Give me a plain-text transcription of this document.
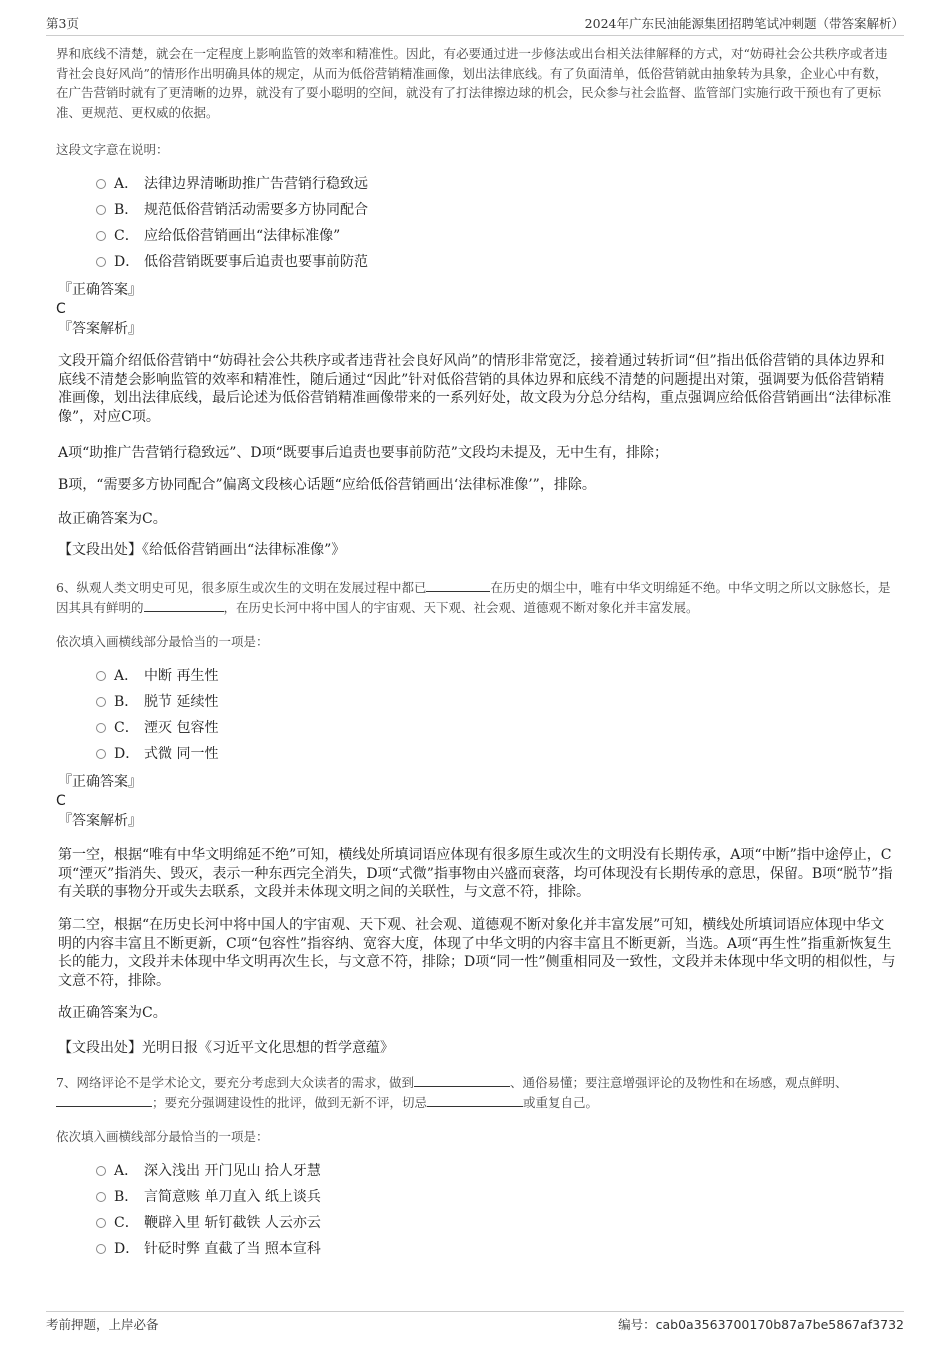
第3页	2024年广东民油能源集团招聘笔试冲刺题（带答案解析）
界和底线不清楚，就会在一定程度上影响监管的效率和精准性。因此，有必要通过进一步修法或出台相关法律解释的方式，对“妨碍社会公共秩序或者违背社会良好风尚”的情形作出明确具体的规定，从而为低俗营销精准画像，划出法律底线。有了负面清单，低俗营销就由抽象转为具象，企业心中有数，在广告营销时就有了更清晰的边界，就没有了耍小聪明的空间，就没有了打法律擦边球的机会，民众参与社会监督、监管部门实施行政干预也有了更标准、更规范、更权威的依据。
这段文字意在说明：
A． 法律边界清晰助推广告营销行稳致远
B． 规范低俗营销活动需要多方协同配合
C． 应给低俗营销画出“法律标准像”
D． 低俗营销既要事后追责也要事前防范
『正确答案』
C
『答案解析』
文段开篇介绍低俗营销中“妨碍社会公共秩序或者违背社会良好风尚”的情形非常宽泛，接着通过转折词“但”指出低俗营销的具体边界和底线不清楚会影响监管的效率和精准性，随后通过“因此”针对低俗营销的具体边界和底线不清楚的问题提出对策，强调要为低俗营销精准画像，划出法律底线，最后论述为低俗营销精准画像带来的一系列好处，故文段为分总分结构，重点强调应给低俗营销画出“法律标准像”，对应C项。
A项“助推广告营销行稳致远”、D项“既要事后追责也要事前防范”文段均未提及，无中生有，排除；
B项，“需要多方协同配合”偏离文段核心话题“应给低俗营销画出‘法律标准像’”，排除。
故正确答案为C。
【文段出处】《给低俗营销画出“法律标准像”》
6、纵观人类文明史可见，很多原生或次生的文明在发展过程中都已	在历史的烟尘中，唯有中华文明绵延不绝。中华文明之所以文脉悠长，是因其具有鲜明的	，在历史长河中将中国人的宇宙观、天下观、社会观、道德观不断对象化并丰富发展。
依次填入画横线部分最恰当的一项是：
A． 中断 再生性
B． 脱节 延续性
C． 湮灭 包容性
D． 式微 同一性
『正确答案』
C
『答案解析』
第一空，根据“唯有中华文明绵延不绝”可知，横线处所填词语应体现有很多原生或次生的文明没有长期传承，A项“中断”指中途停止，C项“湮灭”指消失、毁灭，表示一种东西完全消失，D项“式微”指事物由兴盛而衰落，均可体现没有长期传承的意思，保留。B项“脱节”指有关联的事物分开或失去联系，文段并未体现文明之间的关联性，与文意不符，排除。
第二空，根据“在历史长河中将中国人的宇宙观、天下观、社会观、道德观不断对象化并丰富发展”可知，横线处所填词语应体现中华文明的内容丰富且不断更新，C项“包容性”指容纳、宽容大度，体现了中华文明的内容丰富且不断更新，当选。A项“再生性”指重新恢复生长的能力，文段并未体现中华文明再次生长，与文意不符，排除；D项“同一性”侧重相同及一致性，文段并未体现中华文明的相似性，与文意不符，排除。
故正确答案为C。
【文段出处】光明日报《习近平文化思想的哲学意蕴》
7、网络评论不是学术论文，要充分考虑到大众读者的需求，做到	、通俗易懂；要注意增强评论的及物性和在场感，观点鲜明、；要充分强调建设性的批评，做到无新不评，切忌	或重复自己。
依次填入画横线部分最恰当的一项是：
A． 深入浅出 开门见山 拾人牙慧
B． 言简意赅 单刀直入 纸上谈兵
C． 鞭辟入里 斩钉截铁 人云亦云
D． 针砭时弊 直截了当 照本宣科
考前押题，上岸必备	编号：cab0a3563700170b87a7be5867af3732
